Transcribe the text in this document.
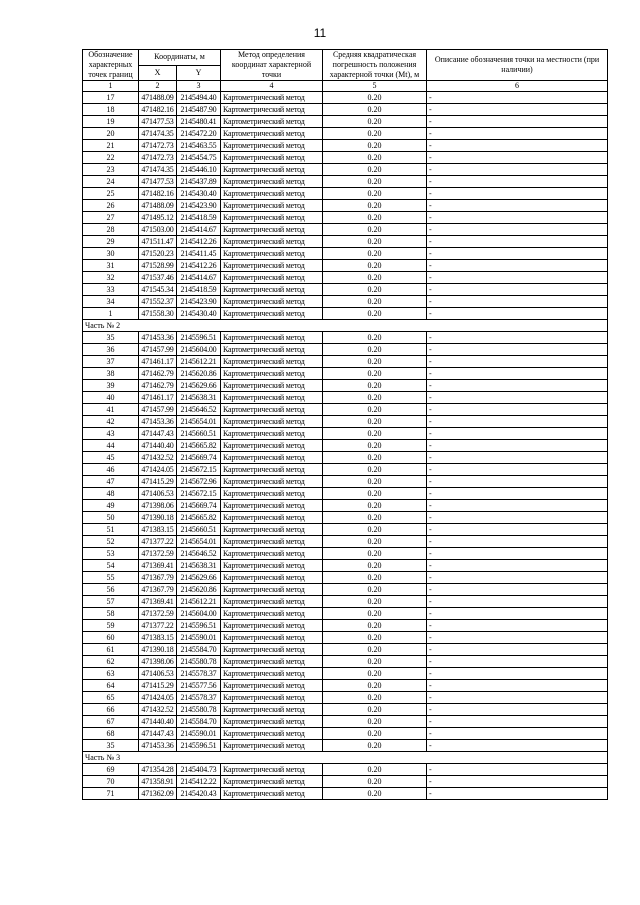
11
Обозначение характерных точек границ	Координаты, м		Метод определения координат характерной точки	Средняя квадратическая погрешность положения характерной точки (Mt), м	Описание обозначения точки на местности (при наличии)
	X	Y			
1	2	3	4	5	6
17	471488.09	2145494.40	Картометрический метод	0.20	-
18	471482.16	2145487.90	Картометрический метод	0.20	-
19	471477.53	2145480.41	Картометрический метод	0.20	-
20	471474.35	2145472.20	Картометрический метод	0.20	-
21	471472.73	2145463.55	Картометрический метод	0.20	-
22	471472.73	2145454.75	Картометрический метод	0.20	-
23	471474.35	2145446.10	Картометрический метод	0.20	-
24	471477.53	2145437.89	Картометрический метод	0.20	-
25	471482.16	2145430.40	Картометрический метод	0.20	-
26	471488.09	2145423.90	Картометрический метод	0.20	-
27	471495.12	2145418.59	Картометрический метод	0.20	-
28	471503.00	2145414.67	Картометрический метод	0.20	-
29	471511.47	2145412.26	Картометрический метод	0.20	-
30	471520.23	2145411.45	Картометрический метод	0.20	-
31	471528.99	2145412.26	Картометрический метод	0.20	-
32	471537.46	2145414.67	Картометрический метод	0.20	-
33	471545.34	2145418.59	Картометрический метод	0.20	-
34	471552.37	2145423.90	Картометрический метод	0.20	-
1	471558.30	2145430.40	Картометрический метод	0.20	-
Часть № 2					
35	471453.36	2145596.51	Картометрический метод	0.20	-
36	471457.99	2145604.00	Картометрический метод	0.20	-
37	471461.17	2145612.21	Картометрический метод	0.20	-
38	471462.79	2145620.86	Картометрический метод	0.20	-
39	471462.79	2145629.66	Картометрический метод	0.20	-
40	471461.17	2145638.31	Картометрический метод	0.20	-
41	471457.99	2145646.52	Картометрический метод	0.20	-
42	471453.36	2145654.01	Картометрический метод	0.20	-
43	471447.43	2145660.51	Картометрический метод	0.20	-
44	471440.40	2145665.82	Картометрический метод	0.20	-
45	471432.52	2145669.74	Картометрический метод	0.20	-
46	471424.05	2145672.15	Картометрический метод	0.20	-
47	471415.29	2145672.96	Картометрический метод	0.20	-
48	471406.53	2145672.15	Картометрический метод	0.20	-
49	471398.06	2145669.74	Картометрический метод	0.20	-
50	471390.18	2145665.82	Картометрический метод	0.20	-
51	471383.15	2145660.51	Картометрический метод	0.20	-
52	471377.22	2145654.01	Картометрический метод	0.20	-
53	471372.59	2145646.52	Картометрический метод	0.20	-
54	471369.41	2145638.31	Картометрический метод	0.20	-
55	471367.79	2145629.66	Картометрический метод	0.20	-
56	471367.79	2145620.86	Картометрический метод	0.20	-
57	471369.41	2145612.21	Картометрический метод	0.20	-
58	471372.59	2145604.00	Картометрический метод	0.20	-
59	471377.22	2145596.51	Картометрический метод	0.20	-
60	471383.15	2145590.01	Картометрический метод	0.20	-
61	471390.18	2145584.70	Картометрический метод	0.20	-
62	471398.06	2145580.78	Картометрический метод	0.20	-
63	471406.53	2145578.37	Картометрический метод	0.20	-
64	471415.29	2145577.56	Картометрический метод	0.20	-
65	471424.05	2145578.37	Картометрический метод	0.20	-
66	471432.52	2145580.78	Картометрический метод	0.20	-
67	471440.40	2145584.70	Картометрический метод	0.20	-
68	471447.43	2145590.01	Картометрический метод	0.20	-
35	471453.36	2145596.51	Картометрический метод	0.20	-
Часть № 3					
69	471354.28	2145404.73	Картометрический метод	0.20	-
70	471358.91	2145412.22	Картометрический метод	0.20	-
71	471362.09	2145420.43	Картометрический метод	0.20	-
